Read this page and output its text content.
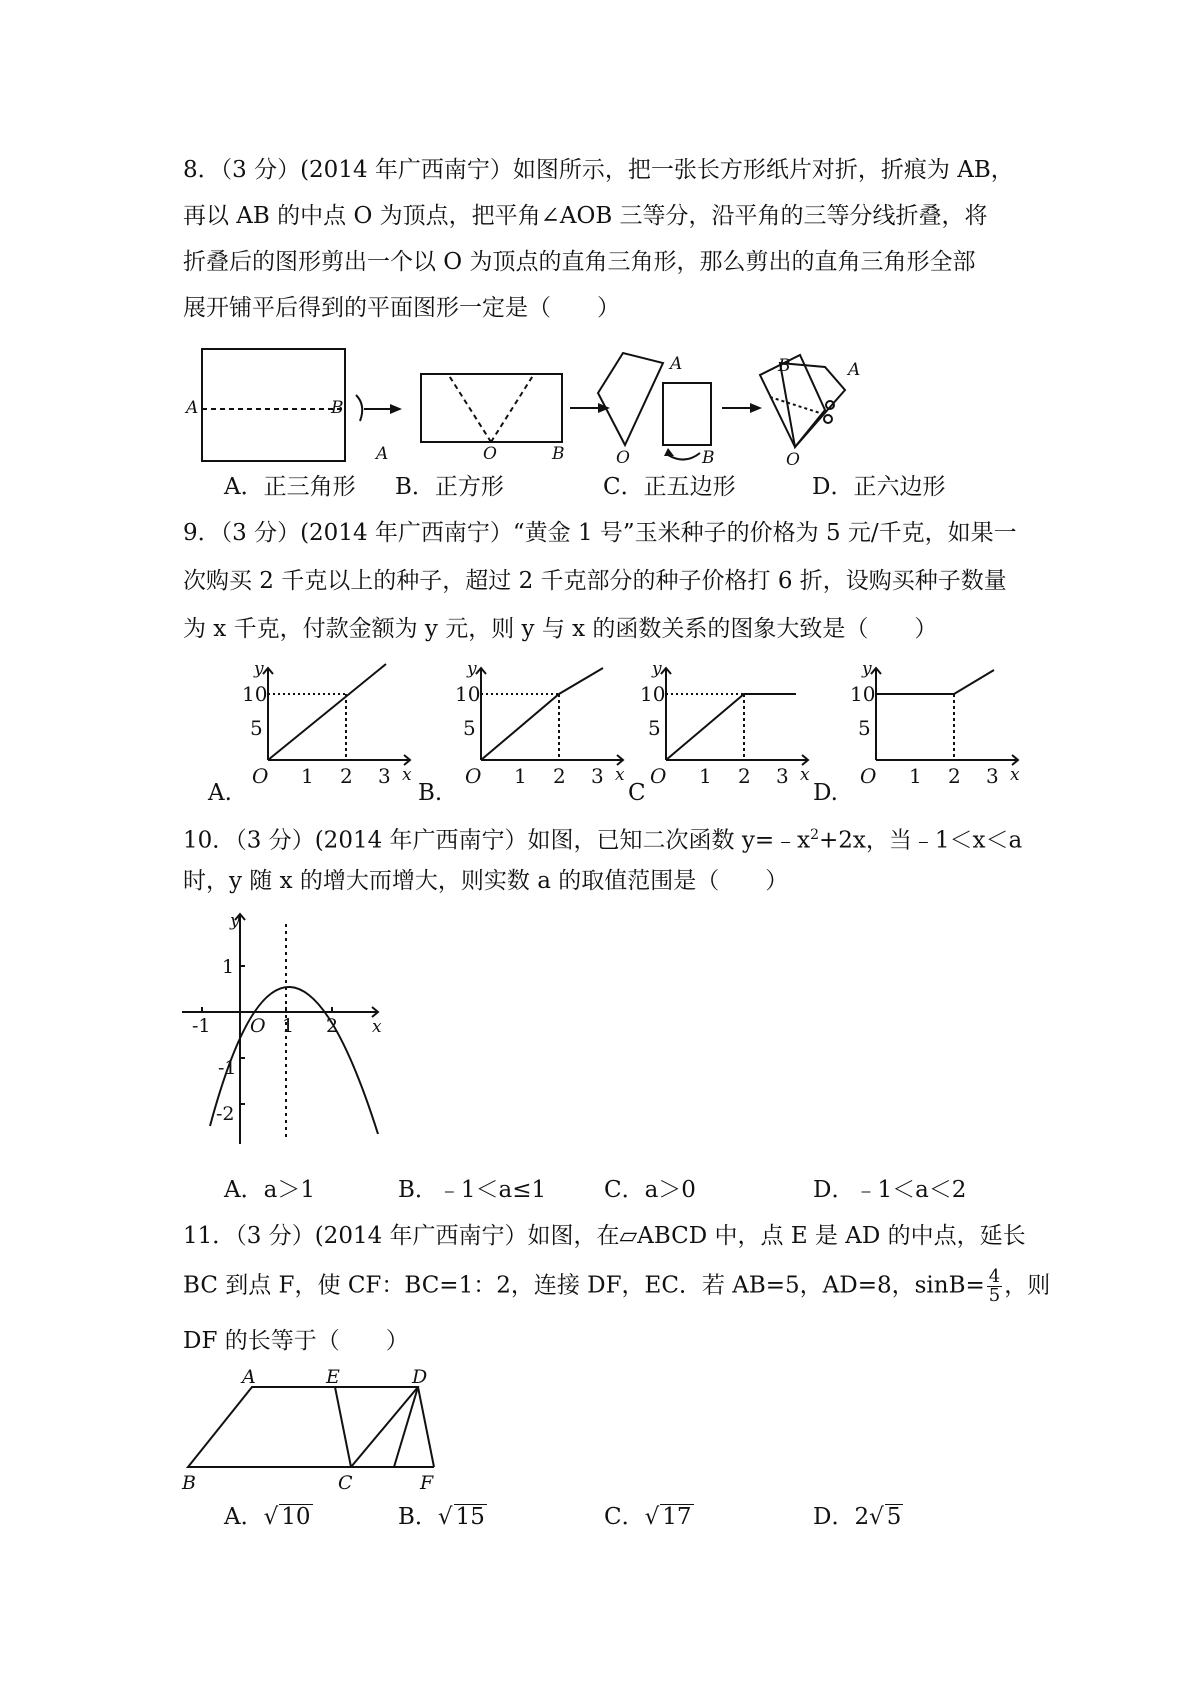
8．（3 分）(2014 年广西南宁）如图所示，把一张长方形纸片对折，折痕为 AB，
再以 AB 的中点 O 为顶点，把平角∠AOB 三等分，沿平角的三等分线折叠，将
折叠后的图形剪出一个以 O 为顶点的直角三角形，那么剪出的直角三角形全部
展开铺平后得到的平面图形一定是（　　）
A	B
A	O	B
A
O	B
B	A
O
A．正三角形 B．正方形	C．正五边形	D．正六边形
9．（3 分）(2014 年广西南宁）“黄金 1 号”玉米种子的价格为 5 元/千克，如果一
次购买 2 千克以上的种子，超过 2 千克部分的种子价格打 6 折，设购买种子数量
为 x 千克，付款金额为 y 元，则 y 与 x 的函数关系的图象大致是（　　）
y
10
5
O 1 2 3 x
y
10
5
O 1 2 3 x
y
10
5
O 1 2 3 x
y
10
5
O 1 2 3 x
A.	B.	C	D.
10．（3 分）(2014 年广西南宁）如图，已知二次函数 $y=﹣x^2+2x$，当﹣1＜x＜a
时，y 随 x 的增大而增大，则实数 a 的取值范围是（　　）
y
1
x
-1 O 1 2
-1
-2
A．a＞1	B．﹣1＜a≤1	C．a＞0	D．﹣1＜a＜2
11．（3 分）(2014 年广西南宁）如图，在▱ABCD 中，点 E 是 AD 的中点，延长
BC 到点 F，使 CF：BC=1：2，连接 DF，EC．若 AB=5，AD=8，$\sin B= \frac{4}{5}$ ，则
DF 的长等于（　　）
A	E	D
B	C	F
A．√ 10	B．√ 15	C．√ 17	D．2√ 5
